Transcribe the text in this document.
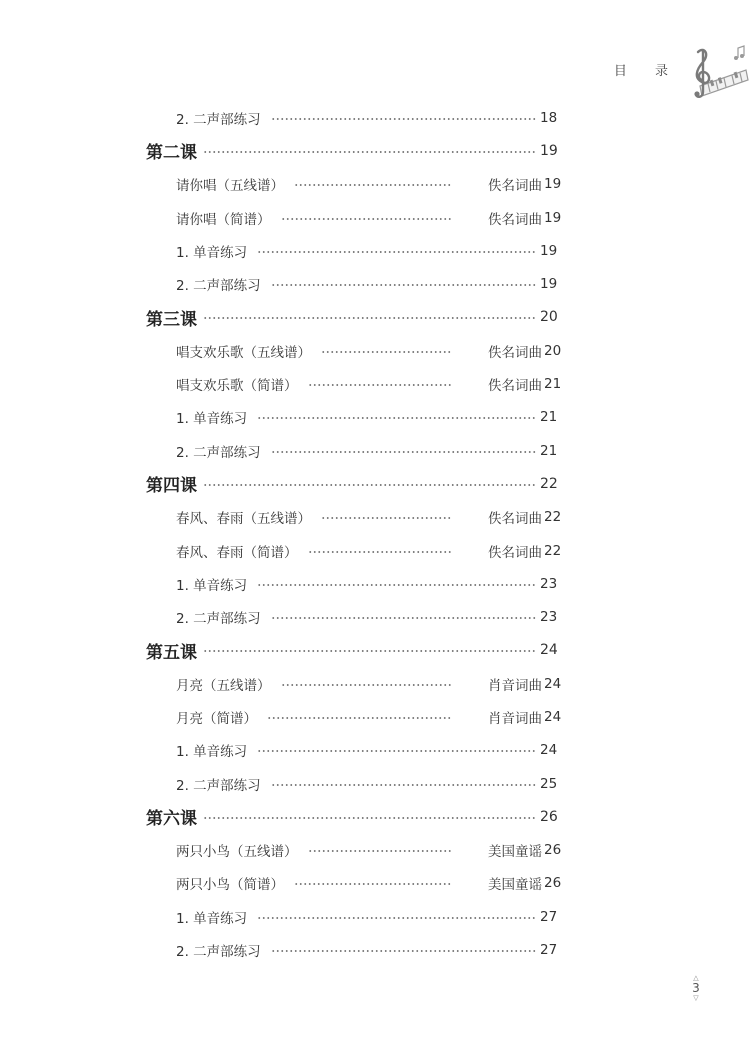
目 录
2. 二声部练习	18
第二课	19
请你唱（五线谱）	佚名词曲 19
请你唱（简谱）	佚名词曲 19
1. 单音练习	19
2. 二声部练习	19
第三课	20
唱支欢乐歌（五线谱）	佚名词曲 20
唱支欢乐歌（简谱）	佚名词曲 21
1. 单音练习	21
2. 二声部练习	21
第四课	22
春风、春雨（五线谱）	佚名词曲 22
春风、春雨（简谱）	佚名词曲 22
1. 单音练习	23
2. 二声部练习	23
第五课	24
月亮（五线谱）	肖音词曲 24
月亮（简谱）	肖音词曲 24
1. 单音练习	24
2. 二声部练习	25
第六课	26
两只小鸟（五线谱）	美国童谣 26
两只小鸟（简谱）	美国童谣 26
1. 单音练习	27
2. 二声部练习	27
△
3
▽
